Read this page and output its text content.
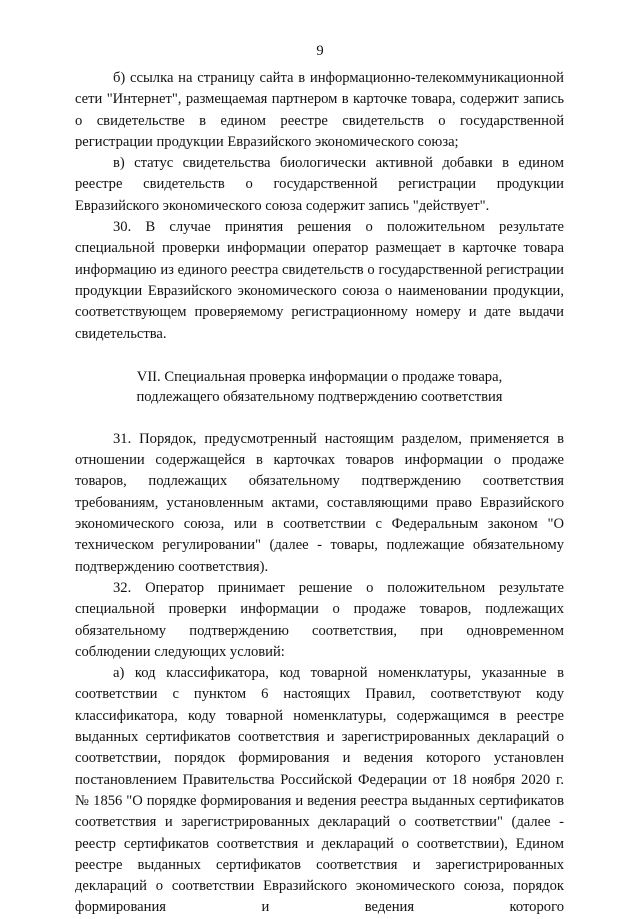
9

б) ссылка на страницу сайта в информационно-телекоммуникационной сети "Интернет", размещаемая партнером в карточке товара, содержит запись о свидетельстве в едином реестре свидетельств о государственной регистрации продукции Евразийского экономического союза;

в) статус свидетельства биологически активной добавки в едином реестре свидетельств о государственной регистрации продукции Евразийского экономического союза содержит запись "действует".

30. В случае принятия решения о положительном результате специальной проверки информации оператор размещает в карточке товара информацию из единого реестра свидетельств о государственной регистрации продукции Евразийского экономического союза о наименовании продукции, соответствующем проверяемому регистрационному номеру и дате выдачи свидетельства.

VII. Специальная проверка информации о продаже товара, подлежащего обязательному подтверждению соответствия

31. Порядок, предусмотренный настоящим разделом, применяется в отношении содержащейся в карточках товаров информации о продаже товаров, подлежащих обязательному подтверждению соответствия требованиям, установленным актами, составляющими право Евразийского экономического союза, или в соответствии с Федеральным законом "О техническом регулировании" (далее - товары, подлежащие обязательному подтверждению соответствия).

32. Оператор принимает решение о положительном результате специальной проверки информации о продаже товаров, подлежащих обязательному подтверждению соответствия, при одновременном соблюдении следующих условий:

а) код классификатора, код товарной номенклатуры, указанные в соответствии с пунктом 6 настоящих Правил, соответствуют коду классификатора, коду товарной номенклатуры, содержащимся в реестре выданных сертификатов соответствия и зарегистрированных деклараций о соответствии, порядок формирования и ведения которого установлен постановлением Правительства Российской Федерации от 18 ноября 2020 г. № 1856 "О порядке формирования и ведения реестра выданных сертификатов соответствия и зарегистрированных деклараций о соответствии" (далее - реестр сертификатов соответствия и деклараций о соответствии), Едином реестре выданных сертификатов соответствия и зарегистрированных деклараций о соответствии Евразийского экономического союза, порядок формирования и ведения которого
